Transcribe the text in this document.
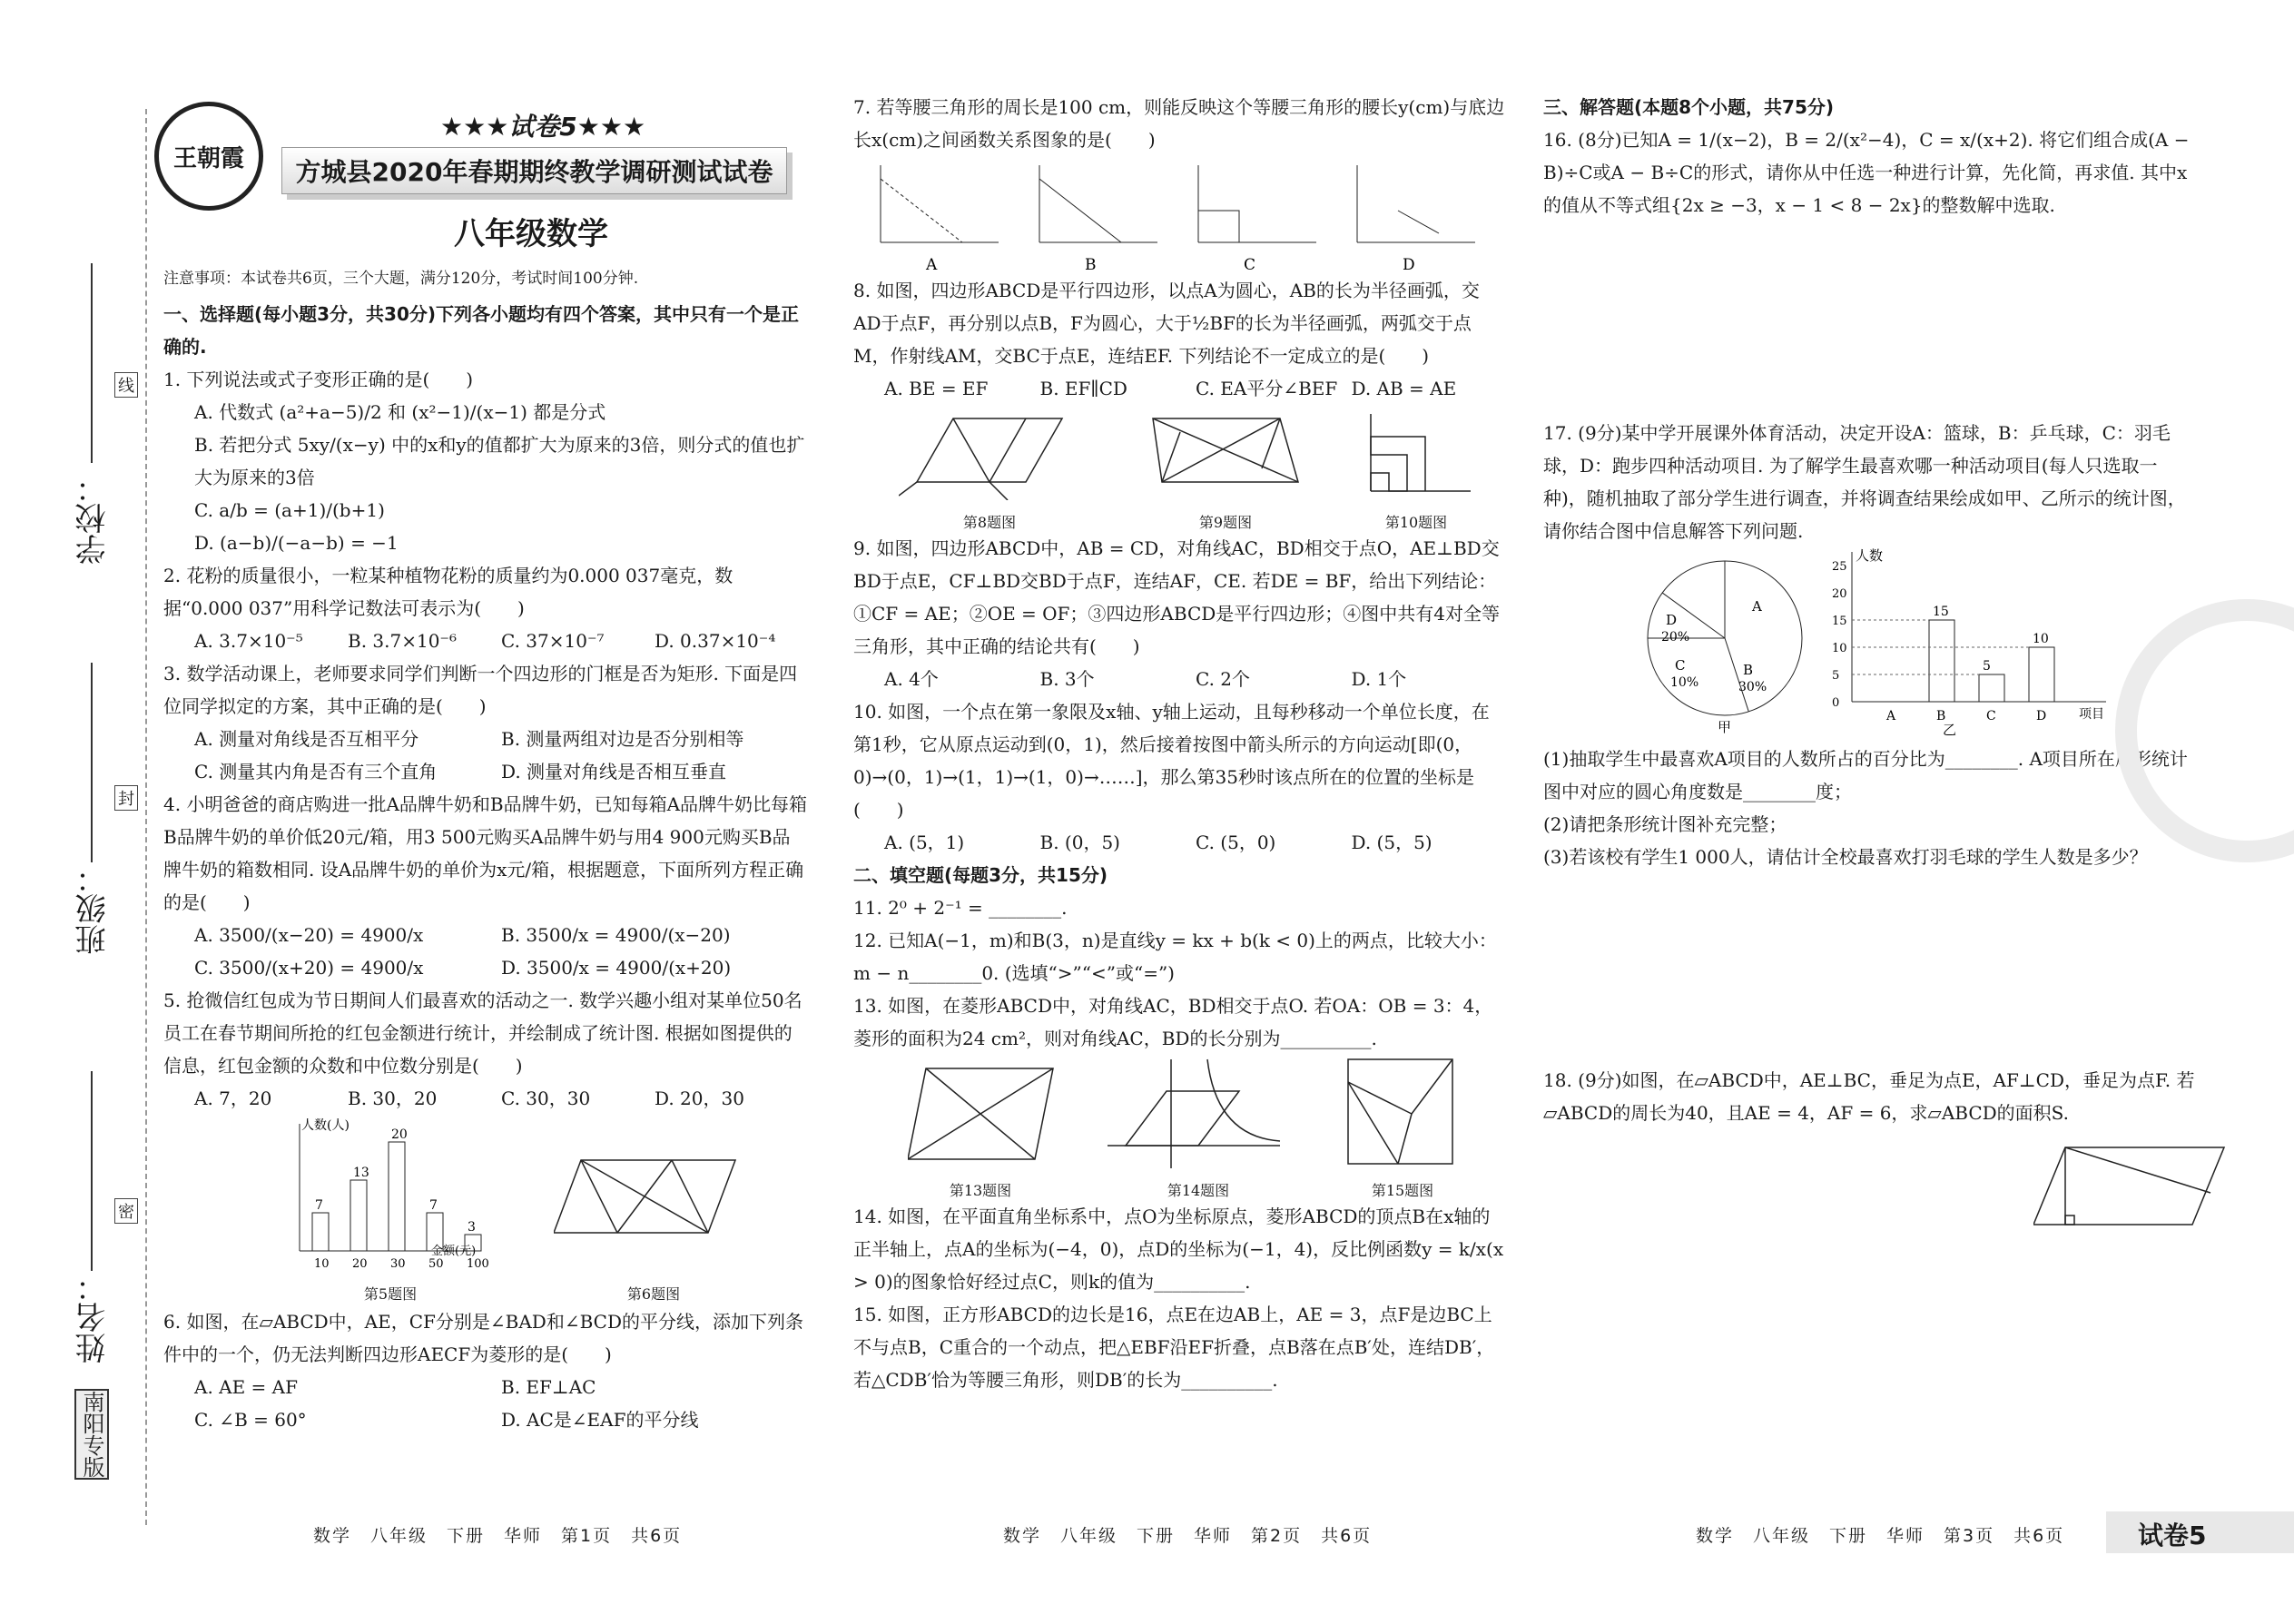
王朝霞
★★★试卷5★★★
方城县2020年春期期终教学调研测试试卷
八年级数学
注意事项：本试卷共6页，三个大题，满分120分，考试时间100分钟.
学校：
班级：
姓名：
线
封
密
南阳专版

一、选择题(每小题3分，共30分)下列各小题均有四个答案，其中只有一个是正确的.

1. 下列说法或式子变形正确的是(　　)

A. 代数式 (a²+a−5)/2 和 (x²−1)/(x−1) 都是分式

B. 若把分式 5xy/(x−y) 中的x和y的值都扩大为原来的3倍，则分式的值也扩大为原来的3倍

C. a/b = (a+1)/(b+1)

D. (a−b)/(−a−b) = −1

2. 花粉的质量很小，一粒某种植物花粉的质量约为0.000 037毫克，数据“0.000 037”用科学记数法可表示为(　　)

A. 3.7×10⁻⁵	B. 3.7×10⁻⁶	C. 37×10⁻⁷	D. 0.37×10⁻⁴

3. 数学活动课上，老师要求同学们判断一个四边形的门框是否为矩形. 下面是四位同学拟定的方案，其中正确的是(　　)

A. 测量对角线是否互相平分	B. 测量两组对边是否分别相等
C. 测量其内角是否有三个直角	D. 测量对角线是否相互垂直

4. 小明爸爸的商店购进一批A品牌牛奶和B品牌牛奶，已知每箱A品牌牛奶比每箱B品牌牛奶的单价低20元/箱，用3 500元购买A品牌牛奶与用4 900元购买B品牌牛奶的箱数相同. 设A品牌牛奶的单价为x元/箱，根据题意，下面所列方程正确的是(　　)

A. 3500/(x−20) = 4900/x	B. 3500/x = 4900/(x−20)
C. 3500/(x+20) = 4900/x	D. 3500/x = 4900/(x+20)

5. 抢微信红包成为节日期间人们最喜欢的活动之一. 数学兴趣小组对某单位50名员工在春节期间所抢的红包金额进行统计，并绘制成了统计图. 根据如图提供的信息，红包金额的众数和中位数分别是(　　)

A. 7，20	B. 30，20	C. 30，30	D. 20，30
人数(人)
金额(元)
7
10
13
20
20
30
7
50
3
100
第5题图	第6题图

6. 如图，在▱ABCD中，AE，CF分别是∠BAD和∠BCD的平分线，添加下列条件中的一个，仍无法判断四边形AECF为菱形的是(　　)

A. AE = AF	B. EF⊥AC
C. ∠B = 60°	D. AC是∠EAF的平分线
数学　八年级　下册　华师　第1页　共6页

7. 若等腰三角形的周长是100 cm，则能反映这个等腰三角形的腰长y(cm)与底边长x(cm)之间函数关系图象的是(　　)

A	B	C	D

8. 如图，四边形ABCD是平行四边形，以点A为圆心，AB的长为半径画弧，交AD于点F，再分别以点B，F为圆心，大于½BF的长为半径画弧，两弧交于点M，作射线AM，交BC于点E，连结EF. 下列结论不一定成立的是(　　)

A. BE = EF	B. EF∥CD	C. EA平分∠BEF D. AB = AE
第8题图	第9题图	第10题图

9. 如图，四边形ABCD中，AB = CD，对角线AC，BD相交于点O，AE⊥BD交BD于点E，CF⊥BD交BD于点F，连结AF，CE. 若DE = BF，给出下列结论：①CF = AE；②OE = OF；③四边形ABCD是平行四边形；④图中共有4对全等三角形，其中正确的结论共有(　　)

A. 4个	B. 3个	C. 2个	D. 1个

10. 如图，一个点在第一象限及x轴、y轴上运动，且每秒移动一个单位长度，在第1秒，它从原点运动到(0，1)，然后接着按图中箭头所示的方向运动[即(0，0)→(0，1)→(1，1)→(1，0)→……]，那么第35秒时该点所在的位置的坐标是(　　)

A. (5，1)	B. (0，5)	C. (5，0)	D. (5，5)

二、填空题(每题3分，共15分)

11. 2⁰ + 2⁻¹ = ________.

12. 已知A(−1，m)和B(3，n)是直线y = kx + b(k < 0)上的两点，比较大小：m − n________0. (选填“>”“<”或“=”)

13. 如图，在菱形ABCD中，对角线AC，BD相交于点O. 若OA：OB = 3：4，菱形的面积为24 cm²，则对角线AC，BD的长分别为__________.

第13题图	第14题图	第15题图

14. 如图，在平面直角坐标系中，点O为坐标原点，菱形ABCD的顶点B在x轴的正半轴上，点A的坐标为(−4，0)，点D的坐标为(−1，4)，反比例函数y = k/x(x > 0)的图象恰好经过点C，则k的值为__________.

15. 如图，正方形ABCD的边长是16，点E在边AB上，AE = 3，点F是边BC上不与点B，C重合的一个动点，把△EBF沿EF折叠，点B落在点B′处，连结DB′，若△CDB′恰为等腰三角形，则DB′的长为__________.

数学　八年级　下册　华师　第2页　共6页

三、解答题(本题8个小题，共75分)

16. (8分)已知A = 1/(x−2)，B = 2/(x²−4)，C = x/(x+2). 将它们组合成(A − B)÷C或A − B÷C的形式，请你从中任选一种进行计算，先化简，再求值. 其中x的值从不等式组{2x ≥ −3，x − 1 < 8 − 2x}的整数解中选取.

17. (9分)某中学开展课外体育活动，决定开设A：篮球，B：乒乓球，C：羽毛球，D：跑步四种活动项目. 为了解学生最喜欢哪一种活动项目(每人只选取一种)，随机抽取了部分学生进行调查，并将调查结果绘成如甲、乙所示的统计图，请你结合图中信息解答下列问题.

A
B
30%
C
10%
D
20%
甲
人数
项目
0
5
10
15
20
25
A	B
15
C
5
D
10
乙

(1)抽取学生中最喜欢A项目的人数所占的百分比为________. A项目所在扇形统计图中对应的圆心角度数是________度；

(2)请把条形统计图补充完整；

(3)若该校有学生1 000人，请估计全校最喜欢打羽毛球的学生人数是多少？

18. (9分)如图，在▱ABCD中，AE⊥BC，垂足为点E，AF⊥CD，垂足为点F. 若▱ABCD的周长为40，且AE = 4，AF = 6，求▱ABCD的面积S.

数学　八年级　下册　华师　第3页　共6页	试卷5
